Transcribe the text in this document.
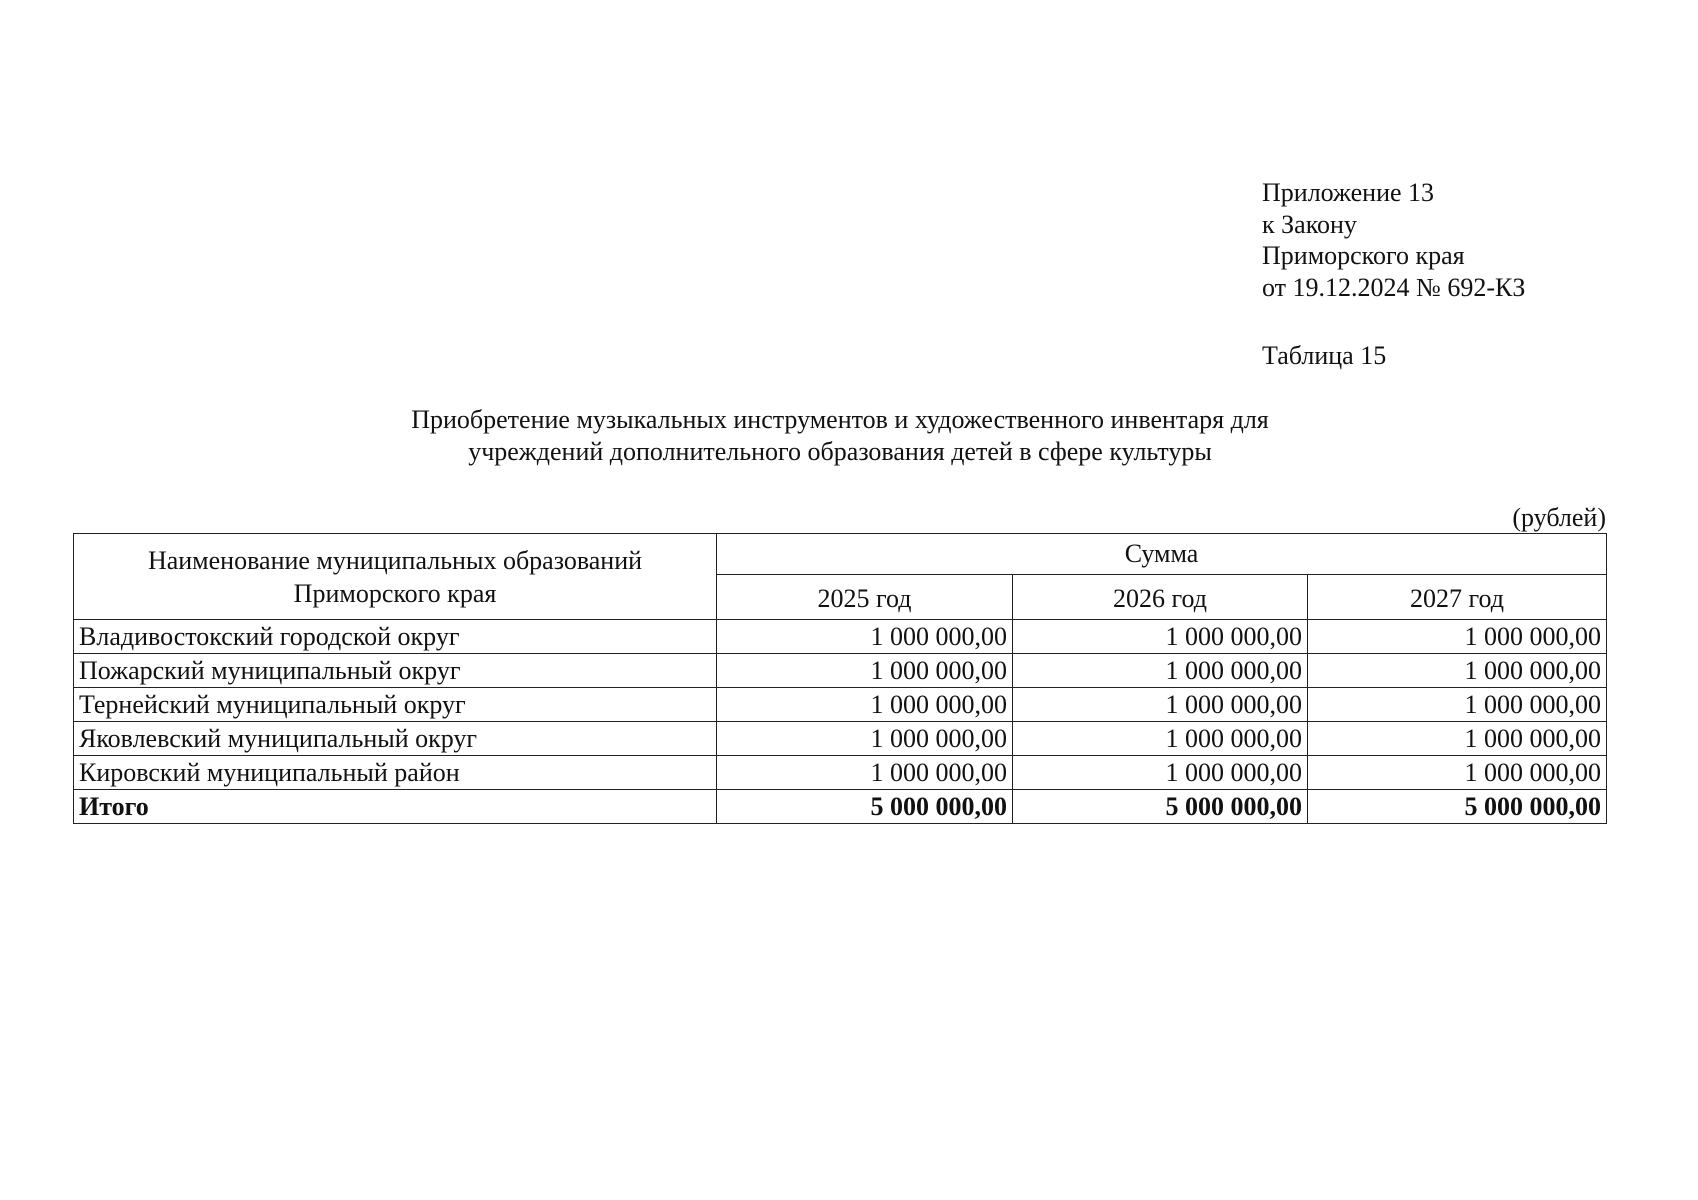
Приложение 13
к Закону
Приморского края
от 19.12.2024 № 692-КЗ
Таблица 15
Приобретение музыкальных инструментов и художественного инвентаря для
учреждений дополнительного образования детей в сфере культуры
(рублей)
Наименование муниципальных образований
Приморского края	Сумма		
	2025 год	2026 год	2027 год
Владивостокский городской округ	1 000 000,00	1 000 000,00	1 000 000,00
Пожарский муниципальный округ	1 000 000,00	1 000 000,00	1 000 000,00
Тернейский муниципальный округ	1 000 000,00	1 000 000,00	1 000 000,00
Яковлевский муниципальный округ	1 000 000,00	1 000 000,00	1 000 000,00
Кировский муниципальный район	1 000 000,00	1 000 000,00	1 000 000,00
Итого	5 000 000,00	5 000 000,00	5 000 000,00
